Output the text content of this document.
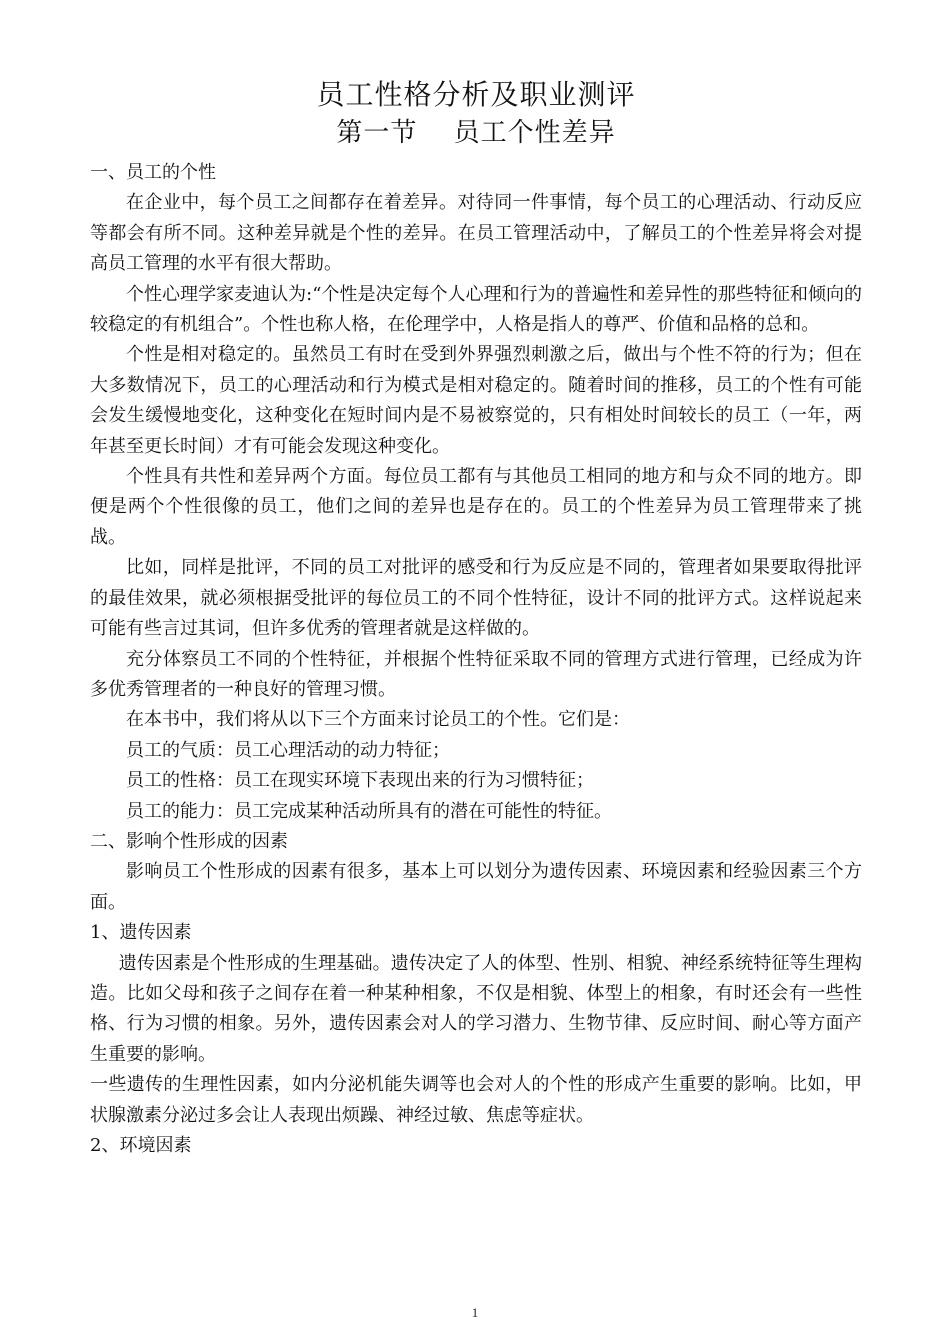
员工性格分析及职业测评
第一节　 员工个性差异

一、员工的个性

在企业中，每个员工之间都存在着差异。对待同一件事情，每个员工的心理活动、行动反应等都会有所不同。这种差异就是个性的差异。在员工管理活动中，了解员工的个性差异将会对提高员工管理的水平有很大帮助。

个性心理学家麦迪认为:“个性是决定每个人心理和行为的普遍性和差异性的那些特征和倾向的较稳定的有机组合”。个性也称人格，在伦理学中，人格是指人的尊严、价值和品格的总和。

个性是相对稳定的。虽然员工有时在受到外界强烈刺激之后，做出与个性不符的行为；但在大多数情况下，员工的心理活动和行为模式是相对稳定的。随着时间的推移，员工的个性有可能会发生缓慢地变化，这种变化在短时间内是不易被察觉的，只有相处时间较长的员工（一年，两年甚至更长时间）才有可能会发现这种变化。

个性具有共性和差异两个方面。每位员工都有与其他员工相同的地方和与众不同的地方。即便是两个个性很像的员工，他们之间的差异也是存在的。员工的个性差异为员工管理带来了挑战。

比如，同样是批评，不同的员工对批评的感受和行为反应是不同的，管理者如果要取得批评的最佳效果，就必须根据受批评的每位员工的不同个性特征，设计不同的批评方式。这样说起来可能有些言过其词，但许多优秀的管理者就是这样做的。

充分体察员工不同的个性特征，并根据个性特征采取不同的管理方式进行管理，已经成为许多优秀管理者的一种良好的管理习惯。

在本书中，我们将从以下三个方面来讨论员工的个性。它们是：

员工的气质：员工心理活动的动力特征；

员工的性格：员工在现实环境下表现出来的行为习惯特征；

员工的能力：员工完成某种活动所具有的潜在可能性的特征。

二、影响个性形成的因素

影响员工个性形成的因素有很多，基本上可以划分为遗传因素、环境因素和经验因素三个方面。

1、遗传因素

遗传因素是个性形成的生理基础。遗传决定了人的体型、性别、相貌、神经系统特征等生理构造。比如父母和孩子之间存在着一种某种相象，不仅是相貌、体型上的相象，有时还会有一些性格、行为习惯的相象。另外，遗传因素会对人的学习潜力、生物节律、反应时间、耐心等方面产生重要的影响。

一些遗传的生理性因素，如内分泌机能失调等也会对人的个性的形成产生重要的影响。比如，甲状腺激素分泌过多会让人表现出烦躁、神经过敏、焦虑等症状。

2、环境因素

1
